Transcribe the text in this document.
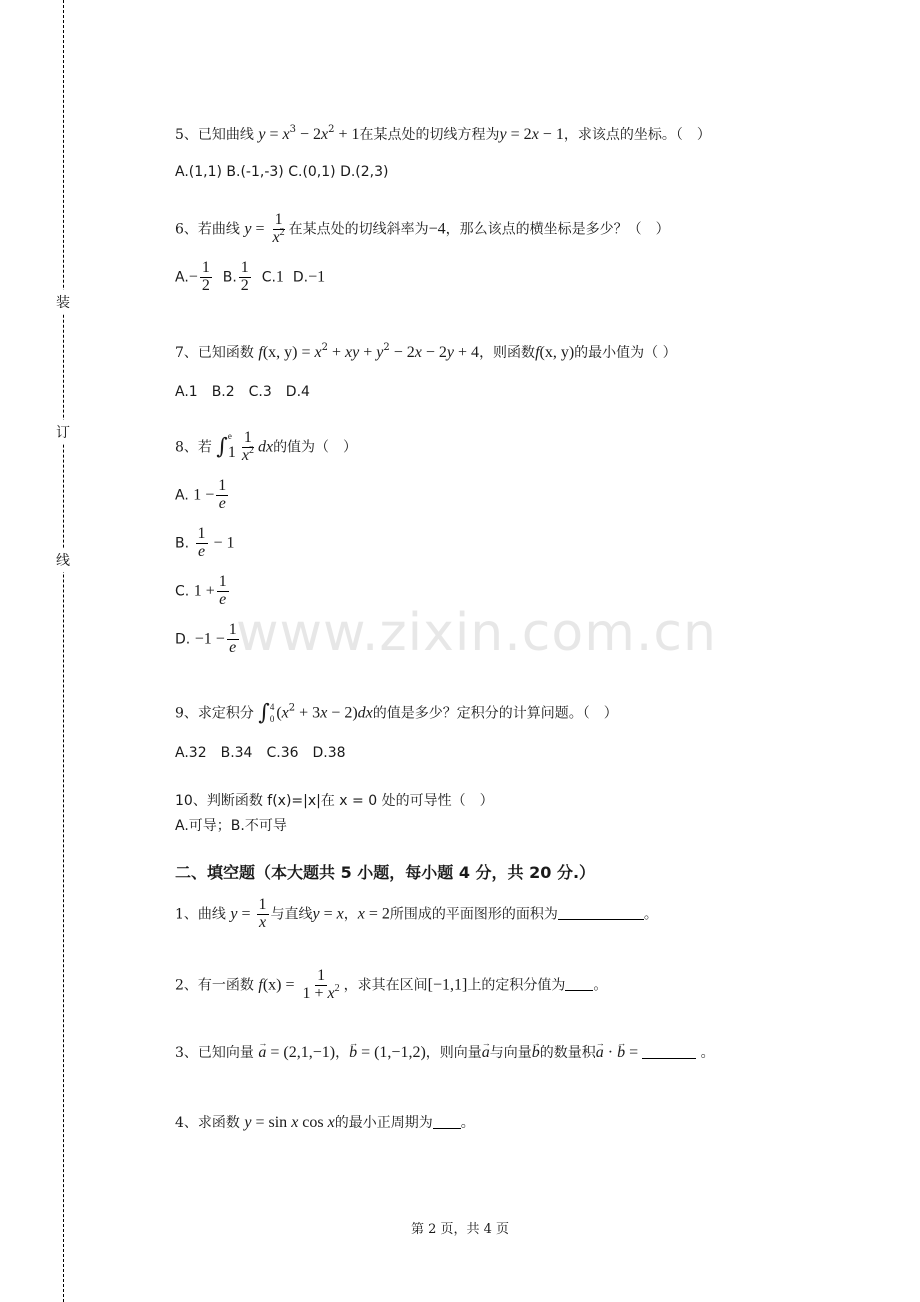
装
订
线
www.zixin.com.cn
5、已知曲线 $y = x^3 - 2x^2 + 1$在某点处的切线方程为y = 2x − 1，求该点的坐标。（　）
A.(1,1) B.(-1,-3) C.(0,1) D.(2,3)
6、若曲线 $y = \frac{1}{x^2}$ 在某点处的切线斜率为−4，那么该点的横坐标是多少？（　）
$A.- \frac{1}{2} B$. $\frac{1}{2} C.1$ D.−1
7、已知函数 f(x, $y) = x^2$ + xy + $y^2 - 2x - 2y + 4$，则函数f(x, y)的最小值为（ ）
A.1　B.2　C.3　D.4
8、若 ∫ e
$1 \frac{1}{x^2}$ dx的值为（　）
A. $1 - \frac{1}{e}$
B. $\frac{1}{e} - 1$
C. $1 + \frac{1}{e}$
D. $-1 - \frac{1}{e}$
9、求定积分 ∫ 4
0 $(x^2 + 3x - 2)dx$的值是多少？定积分的计算问题。（　）
A.32　B.34　C.36　D.38
10、判断函数 f(x)=|x|在 x = 0 处的可导性（　）
A.可导；B.不可导
二、填空题（本大题共 5 小题，每小题 4 分，共 20 分.）
1、曲线 $y = \frac{1}{x}$ 与直线y = x，x = 2所围成的平面图形的面积为	。
2、有一函数 $f(x) = \frac{1}{1 + x^2}$ ，求其在区间[−1,1]上的定积分值为 。
3、已知向量 → a = (2,1,−1)，→ b = (1,−1,2)，则向量→ a与向量→ b的数量积→ a · → b =	。
4、求函数 y = sin x cos x的最小正周期为 。
第 2 页，共 4 页
